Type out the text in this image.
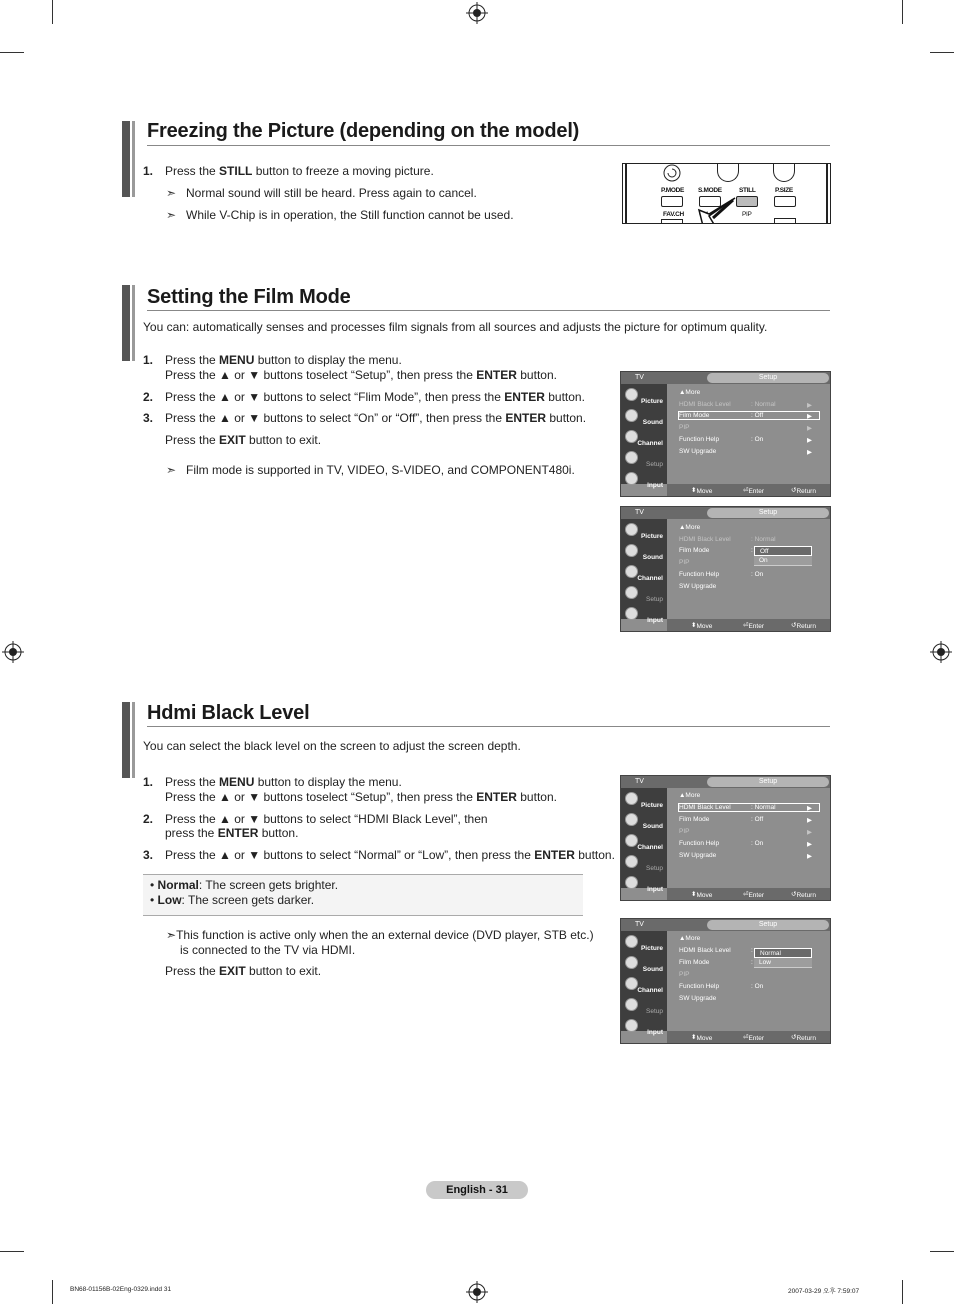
Freezing the Picture (depending on the model)
1. Press the STILL button to freeze a moving picture.
➣ Normal sound will still be heard. Press again to cancel.
➣ While V-Chip is in operation, the Still function cannot be used.
P.MODE S.MODE	STILL	P.SIZE
FAV.CH	PIP
Setting the Film Mode
You can: automatically senses and processes film signals from all sources and adjusts the picture for optimum quality.
1. Press the MENU button to display the menu.
Press the ▲ or ▼ buttons toselect “Setup”, then press the ENTER button.
2. Press the ▲ or ▼ buttons to select “Flim Mode”, then press the ENTER button.
3. Press the ▲ or ▼ buttons to select “On” or “Off”, then press the ENTER button.
Press the EXIT button to exit.
➣ Film mode is supported in TV, VIDEO, S-VIDEO, and COMPONENT480i.
TV	Setup
Picture
Sound
Channel
Setup
Input
▲More
HDMI Black Level	: Normal	▶
Film Mode	: Off	▶
PIP	▶
Function Help	: On	▶
SW Upgrade	▶
⬍ Move	⏎ Enter	↺ Return
TV	Setup
Picture
Sound
Channel
Setup
Input
▲More
HDMI Black Level	: Normal
Film Mode	:	Off
On
PIP
Function Help	: On
SW Upgrade
⬍ Move	⏎ Enter	↺ Return
Hdmi Black Level
You can select the black level on the screen to adjust the screen depth.
1. Press the MENU button to display the menu.
Press the ▲ or ▼ buttons toselect “Setup”, then press the ENTER button.
2. Press the ▲ or ▼ buttons to select “HDMI Black Level”, then
press the ENTER button.
3. Press the ▲ or ▼ buttons to select “Normal” or “Low”, then press the ENTER button.
• Normal: The screen gets brighter.
• Low: The screen gets darker.
➣This function is active only when the an external device (DVD player, STB etc.)
is connected to the TV via HDMI.
Press the EXIT button to exit.
TV	Setup
Picture
Sound
Channel
Setup
Input
▲More
HDMI Black Level	: Normal	▶
Film Mode	: Off	▶
PIP	▶
Function Help	: On	▶
SW Upgrade	▶
⬍ Move	⏎ Enter	↺ Return
TV	Setup
Picture
Sound
Channel
Setup
Input
▲More
HDMI Black Level	:	Normal
Low
Film Mode	:
PIP
Function Help	: On
SW Upgrade
⬍ Move	⏎ Enter	↺ Return
English - 31
BN68-01156B-02Eng-0329.indd 31	2007-03-29 오후 7:59:07
